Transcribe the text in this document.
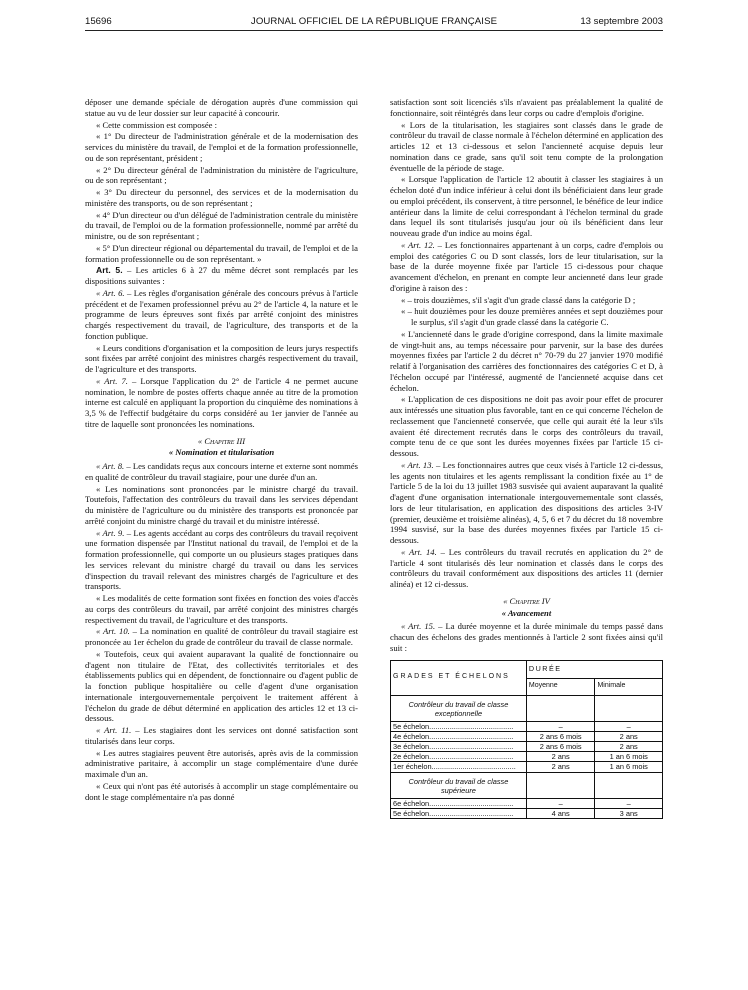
15696	JOURNAL OFFICIEL DE LA RÉPUBLIQUE FRANÇAISE	13 septembre 2003

déposer une demande spéciale de dérogation auprès d'une commission qui statue au vu de leur dossier sur leur capacité à concourir.

« Cette commission est composée :

« 1° Du directeur de l'administration générale et de la modernisation des services du ministère du travail, de l'emploi et de la formation professionnelle, ou de son représentant, président ;

« 2° Du directeur général de l'administration du ministère de l'agriculture, ou de son représentant ;

« 3° Du directeur du personnel, des services et de la modernisation du ministère des transports, ou de son représentant ;

« 4° D'un directeur ou d'un délégué de l'administration centrale du ministère du travail, de l'emploi ou de la formation professionnelle, nommé par arrêté du ministre, ou de son représentant ;

« 5° D'un directeur régional ou départemental du travail, de l'emploi et de la formation professionnelle ou de son représentant. »

Art. 5. – Les articles 6 à 27 du même décret sont remplacés par les dispositions suivantes :

« Art. 6. – Les règles d'organisation générale des concours prévus à l'article précédent et de l'examen professionnel prévu au 2° de l'article 4, la nature et le programme de leurs épreuves sont fixés par arrêté conjoint des ministres chargés respectivement du travail, de l'agriculture, des transports et de la fonction publique.

« Leurs conditions d'organisation et la composition de leurs jurys respectifs sont fixées par arrêté conjoint des ministres chargés respectivement du travail, de l'agriculture et des transports.

« Art. 7. – Lorsque l'application du 2° de l'article 4 ne permet aucune nomination, le nombre de postes offerts chaque année au titre de la promotion interne est calculé en appliquant la proportion du cinquième des nominations à 3,5 % de l'effectif budgétaire du corps considéré au 1er janvier de l'année au titre de laquelle sont prononcées les nominations.

« Chapitre III

« Nomination et titularisation

« Art. 8. – Les candidats reçus aux concours interne et externe sont nommés en qualité de contrôleur du travail stagiaire, pour une durée d'un an.

« Les nominations sont prononcées par le ministre chargé du travail. Toutefois, l'affectation des contrôleurs du travail dans les services dépendant du ministère de l'agriculture ou du ministère des transports est prononcée par arrêté conjoint du ministre chargé du travail et du ministre intéressé.

« Art. 9. – Les agents accédant au corps des contrôleurs du travail reçoivent une formation dispensée par l'Institut national du travail, de l'emploi et de la formation professionnelle, qui comporte un ou plusieurs stages pratiques dans les services relevant du ministre chargé du travail ou dans les services d'inspection du travail relevant des ministres chargés de l'agriculture et des transports.

« Les modalités de cette formation sont fixées en fonction des voies d'accès au corps des contrôleurs du travail, par arrêté conjoint des ministres chargés respectivement du travail, de l'agriculture et des transports.

« Art. 10. – La nomination en qualité de contrôleur du travail stagiaire est prononcée au 1er échelon du grade de contrôleur du travail de classe normale.

« Toutefois, ceux qui avaient auparavant la qualité de fonctionnaire ou d'agent non titulaire de l'Etat, des collectivités territoriales et des établissements publics qui en dépendent, de fonctionnaire ou d'agent public de la fonction publique hospitalière ou celle d'agent d'une organisation internationale intergouvernementale perçoivent le traitement afférent à l'échelon du grade de début déterminé en application des articles 12 et 13 ci-dessous.

« Art. 11. – Les stagiaires dont les services ont donné satisfaction sont titularisés dans leur corps.

« Les autres stagiaires peuvent être autorisés, après avis de la commission administrative paritaire, à accomplir un stage complémentaire d'une durée maximale d'un an.

« Ceux qui n'ont pas été autorisés à accomplir un stage complémentaire ou dont le stage complémentaire n'a pas donné

satisfaction sont soit licenciés s'ils n'avaient pas préalablement la qualité de fonctionnaire, soit réintégrés dans leur corps ou cadre d'emplois d'origine.

« Lors de la titularisation, les stagiaires sont classés dans le grade de contrôleur du travail de classe normale à l'échelon déterminé en application des articles 12 et 13 ci-dessous et selon l'ancienneté acquise depuis leur nomination dans ce grade, sans qu'il soit tenu compte de la prolongation éventuelle de la période de stage.

« Lorsque l'application de l'article 12 aboutit à classer les stagiaires à un échelon doté d'un indice inférieur à celui dont ils bénéficiaient dans leur grade ou emploi précédent, ils conservent, à titre personnel, le bénéfice de leur indice antérieur dans la limite de celui correspondant à l'échelon terminal du grade dans lequel ils sont titularisés jusqu'au jour où ils bénéficient dans leur nouveau grade d'un indice au moins égal.

« Art. 12. – Les fonctionnaires appartenant à un corps, cadre d'emplois ou emploi des catégories C ou D sont classés, lors de leur titularisation, sur la base de la durée moyenne fixée par l'article 15 ci-dessous pour chaque avancement d'échelon, en prenant en compte leur ancienneté dans leur grade d'origine à raison des :

« – trois douzièmes, s'il s'agit d'un grade classé dans la catégorie D ;

« – huit douzièmes pour les douze premières années et sept douzièmes pour le surplus, s'il s'agit d'un grade classé dans la catégorie C.

« L'ancienneté dans le grade d'origine correspond, dans la limite maximale de vingt-huit ans, au temps nécessaire pour parvenir, sur la base des durées moyennes fixées par l'article 2 du décret n° 70-79 du 27 janvier 1970 modifié relatif à l'organisation des carrières des fonctionnaires des catégories C et D, à l'échelon occupé par l'intéressé, augmenté de l'ancienneté acquise dans cet échelon.

« L'application de ces dispositions ne doit pas avoir pour effet de procurer aux intéressés une situation plus favorable, tant en ce qui concerne l'échelon de reclassement que l'ancienneté conservée, que celle qui aurait été la leur s'ils avaient été directement recrutés dans le corps des contrôleurs du travail, compte tenu de ce que sont les durées moyennes fixées par l'article 15 ci-dessous.

« Art. 13. – Les fonctionnaires autres que ceux visés à l'article 12 ci-dessus, les agents non titulaires et les agents remplissant la condition fixée au 1° de l'article 5 de la loi du 13 juillet 1983 susvisée qui avaient auparavant la qualité d'agent d'une organisation internationale intergouvernementale sont classés, lors de leur titularisation, en application des dispositions des articles 3-IV (premier, deuxième et troisième alinéas), 4, 5, 6 et 7 du décret du 18 novembre 1994 susvisé, sur la base des durées moyennes fixées par l'article 15 ci-dessous.

« Art. 14. – Les contrôleurs du travail recrutés en application du 2° de l'article 4 sont titularisés dès leur nomination et classés dans le corps des contrôleurs du travail conformément aux dispositions des articles 11 (dernier alinéa) et 12 ci-dessus.

« Chapitre IV

« Avancement

« Art. 15. – La durée moyenne et la durée minimale du temps passé dans chacun des échelons des grades mentionnés à l'article 2 sont fixées ainsi qu'il suit :

GRADES ET ÉCHELONS	DURÉE	
	Moyenne	Minimale
Contrôleur du travail de classe exceptionnelle		
5e échelon.........................................	–	–
4e échelon.........................................	2 ans 6 mois	2 ans
3e échelon.........................................	2 ans 6 mois	2 ans
2e échelon.........................................	2 ans	1 an 6 mois
1er échelon.........................................	2 ans	1 an 6 mois
Contrôleur du travail de classe supérieure		
6e échelon.........................................	–	–
5e échelon.........................................	4 ans	3 ans
